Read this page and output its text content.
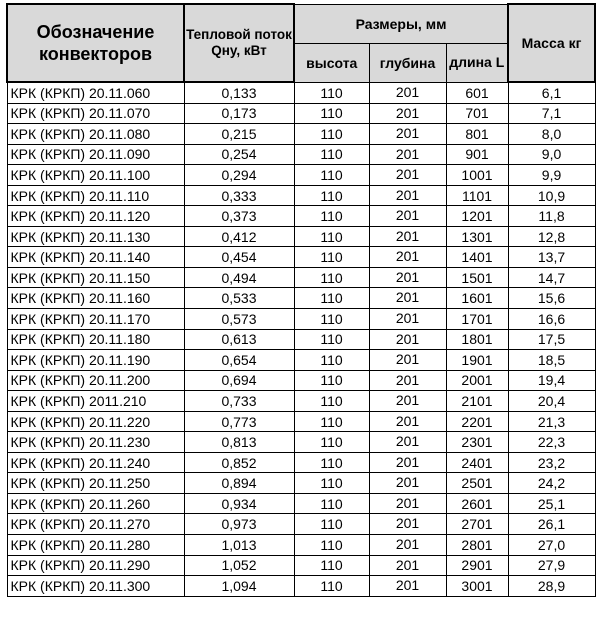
Обозначение конвекторов	Тепловой поток Qну, кВт	Размеры, мм			Масса кг
		высота	глубина	длина L	
КРК (КРКП) 20.11.060	0,133	110	201	601	6,1
КРК (КРКП) 20.11.070	0,173	110	201	701	7,1
КРК (КРКП) 20.11.080	0,215	110	201	801	8,0
КРК (КРКП) 20.11.090	0,254	110	201	901	9,0
КРК (КРКП) 20.11.100	0,294	110	201	1001	9,9
КРК (КРКП) 20.11.110	0,333	110	201	1101	10,9
КРК (КРКП) 20.11.120	0,373	110	201	1201	11,8
КРК (КРКП) 20.11.130	0,412	110	201	1301	12,8
КРК (КРКП) 20.11.140	0,454	110	201	1401	13,7
КРК (КРКП) 20.11.150	0,494	110	201	1501	14,7
КРК (КРКП) 20.11.160	0,533	110	201	1601	15,6
КРК (КРКП) 20.11.170	0,573	110	201	1701	16,6
КРК (КРКП) 20.11.180	0,613	110	201	1801	17,5
КРК (КРКП) 20.11.190	0,654	110	201	1901	18,5
КРК (КРКП) 20.11.200	0,694	110	201	2001	19,4
КРК (КРКП) 2011.210	0,733	110	201	2101	20,4
КРК (КРКП) 20.11.220	0,773	110	201	2201	21,3
КРК (КРКП) 20.11.230	0,813	110	201	2301	22,3
КРК (КРКП) 20.11.240	0,852	110	201	2401	23,2
КРК (КРКП) 20.11.250	0,894	110	201	2501	24,2
КРК (КРКП) 20.11.260	0,934	110	201	2601	25,1
КРК (КРКП) 20.11.270	0,973	110	201	2701	26,1
КРК (КРКП) 20.11.280	1,013	110	201	2801	27,0
КРК (КРКП) 20.11.290	1,052	110	201	2901	27,9
КРК (КРКП) 20.11.300	1,094	110	201	3001	28,9
